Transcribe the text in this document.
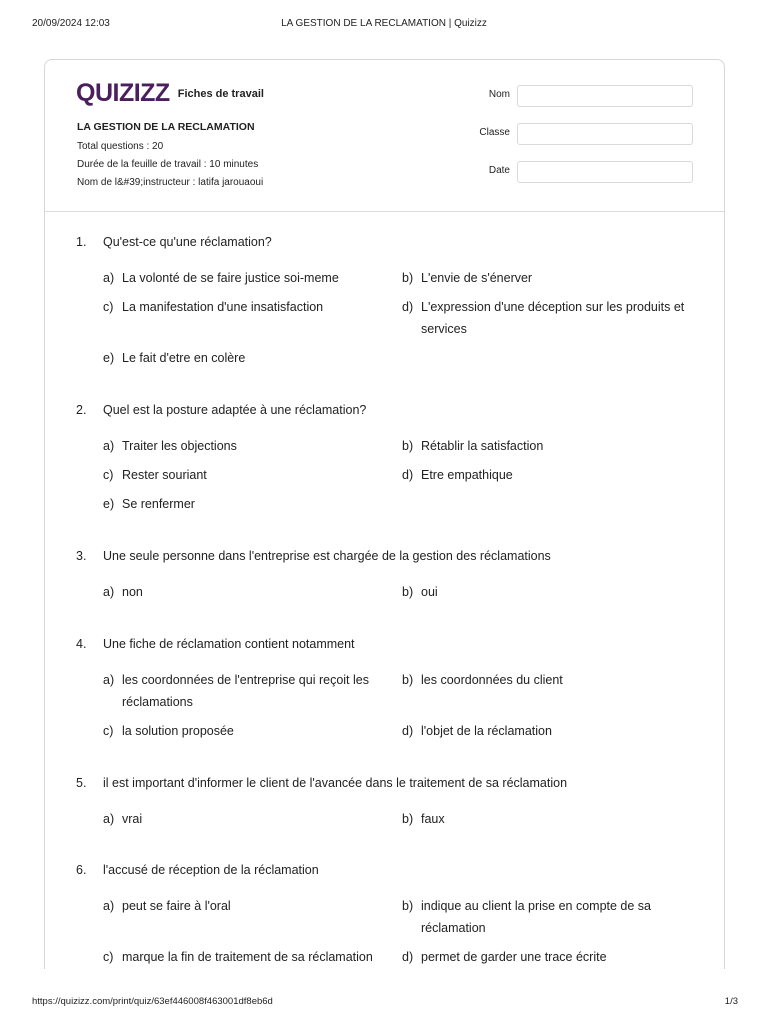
20/09/2024 12:03	LA GESTION DE LA RECLAMATION | Quizizz
QUIZIZZ Fiches de travail
LA GESTION DE LA RECLAMATION
Total questions : 20
Durée de la feuille de travail : 10 minutes
Nom de l&#39;instructeur : latifa jarouaoui
Nom
Classe
Date
1. Qu'est-ce qu'une réclamation?
a) La volonté de se faire justice soi-meme	b) L'envie de s'énerver
c) La manifestation d'une insatisfaction	d) L'expression d'une déception sur les produits et services
e) Le fait d'etre en colère
2. Quel est la posture adaptée à une réclamation?
a) Traiter les objections	b) Rétablir la satisfaction
c) Rester souriant	d) Etre empathique
e) Se renfermer
3. Une seule personne dans l'entreprise est chargée de la gestion des réclamations
a) non	b) oui
4. Une fiche de réclamation contient notamment
a) les coordonnées de l'entreprise qui reçoit les réclamations
b) les coordonnées du client
c) la solution proposée	d) l'objet de la réclamation
5. il est important d'informer le client de l'avancée dans le traitement de sa réclamation
a) vrai	b) faux
6. l'accusé de réception de la réclamation
a) peut se faire à l'oral	b) indique au client la prise en compte de sa réclamation
c) marque la fin de traitement de sa réclamation	d) permet de garder une trace écrite
https://quizizz.com/print/quiz/63ef446008f463001df8eb6d	1/3
